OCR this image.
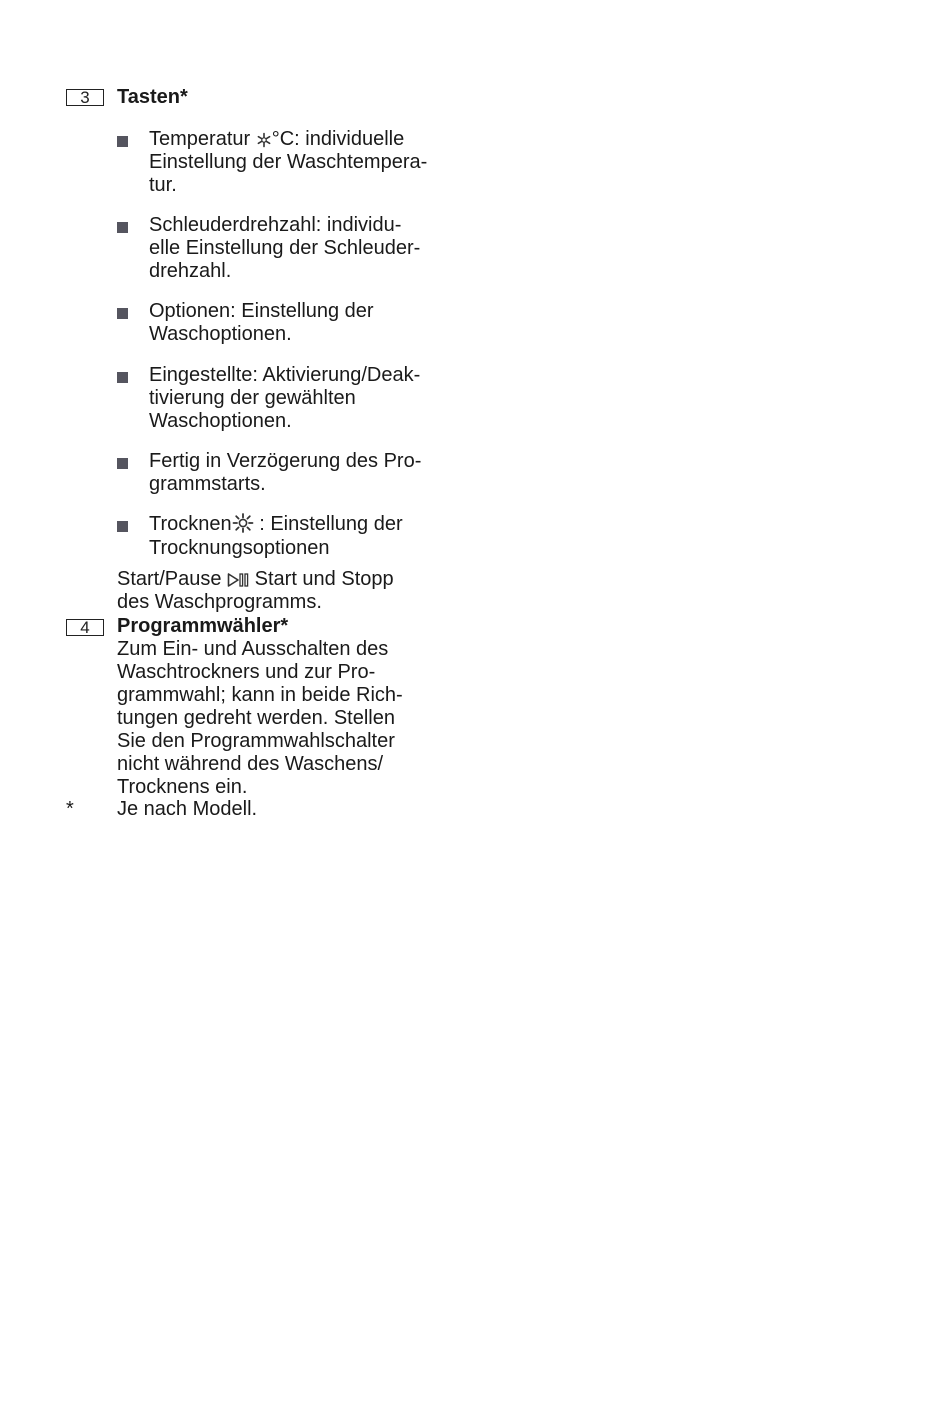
3	Tasten*
Temperatur °C: individuelle
Einstellung der Waschtempera-
tur.
Schleuderdrehzahl: individu-
elle Einstellung der Schleuder-
drehzahl.
Optionen: Einstellung der
Waschoptionen.
Eingestellte: Aktivierung/Deak-
tivierung der gewählten
Waschoptionen.
Fertig in Verzögerung des Pro-
grammstarts.
Trocknen : Einstellung der
Trocknungsoptionen
Start/Pause Start und Stopp
des Waschprogramms.
4	Programmwähler*
Zum Ein- und Ausschalten des
Waschtrockners und zur Pro-
grammwahl; kann in beide Rich-
tungen gedreht werden. Stellen
Sie den Programmwahlschalter
nicht während des Waschens/
Trocknens ein.
* Je nach Modell.
